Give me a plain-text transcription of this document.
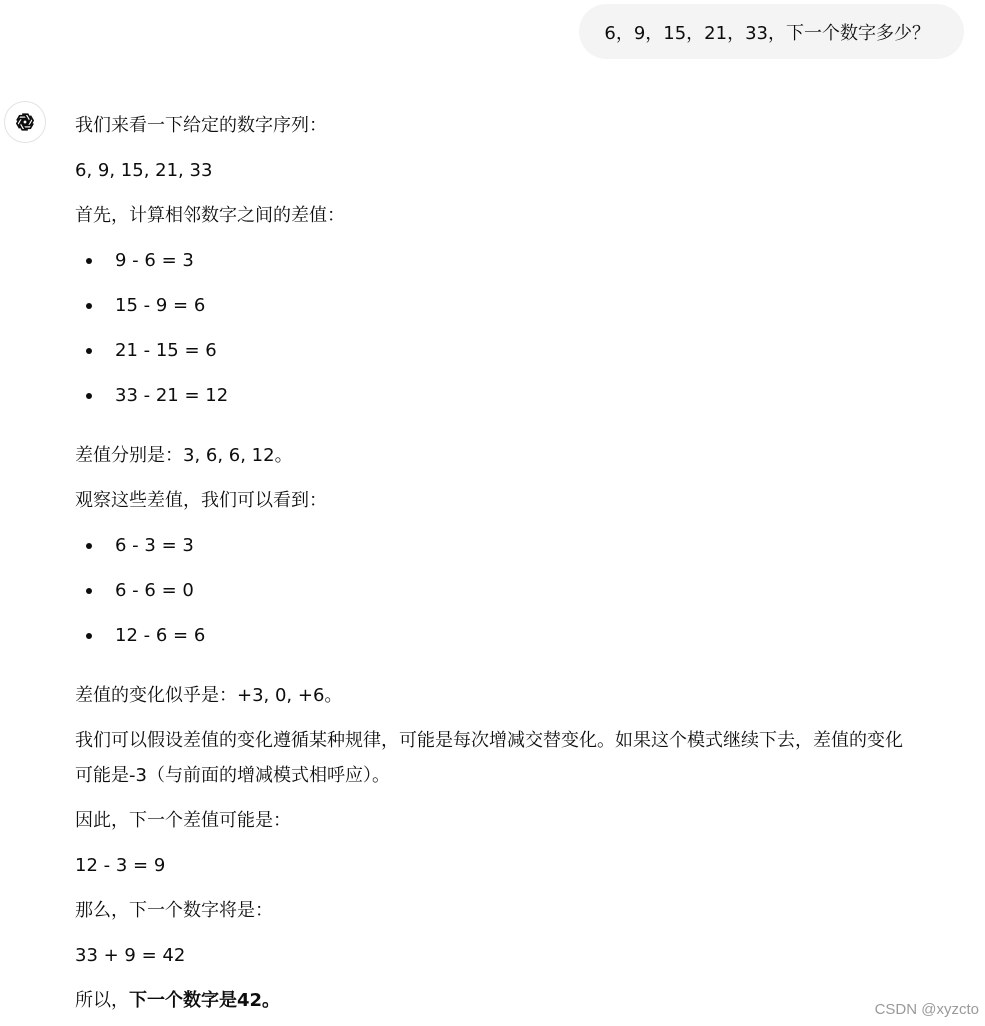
6，9，15，21，33，下一个数字多少？
我们来看一下给定的数字序列：
6, 9, 15, 21, 33
首先，计算相邻数字之间的差值：
9 - 6 = 3
15 - 9 = 6
21 - 15 = 6
33 - 21 = 12
差值分别是：3, 6, 6, 12。
观察这些差值，我们可以看到：
6 - 3 = 3
6 - 6 = 0
12 - 6 = 6
差值的变化似乎是：+3, 0, +6。
我们可以假设差值的变化遵循某种规律，可能是每次增减交替变化。如果这个模式继续下去，差值的变化
可能是-3（与前面的增减模式相呼应）。
因此，下一个差值可能是：
12 - 3 = 9
那么，下一个数字将是：
33 + 9 = 42
所以，下一个数字是42。	CSDN @xyzcto
